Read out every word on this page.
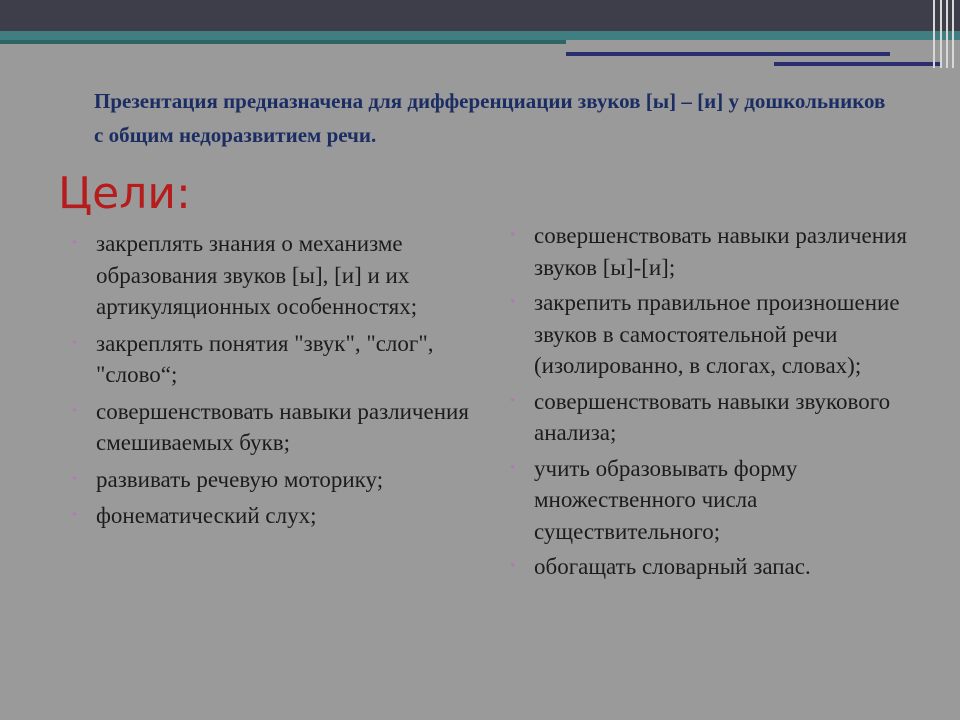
Презентация предназначена для дифференциации звуков [ы] – [и] у дошкольников с общим недоразвитием речи.
Цели:
• закреплять знания о механизме образования звуков [ы], [и] и их артикуляционных особенностях;
• закреплять понятия "звук", "слог", "слово“;
• совершенствовать навыки различения смешиваемых букв;
• развивать речевую моторику;
• фонематический слух;
• совершенствовать навыки различения звуков [ы]-[и];
• закрепить правильное произношение звуков в самостоятельной речи (изолированно, в слогах, словах);
• совершенствовать навыки звукового анализа;
• учить образовывать форму множественного числа существительного;
• обогащать словарный запас.
